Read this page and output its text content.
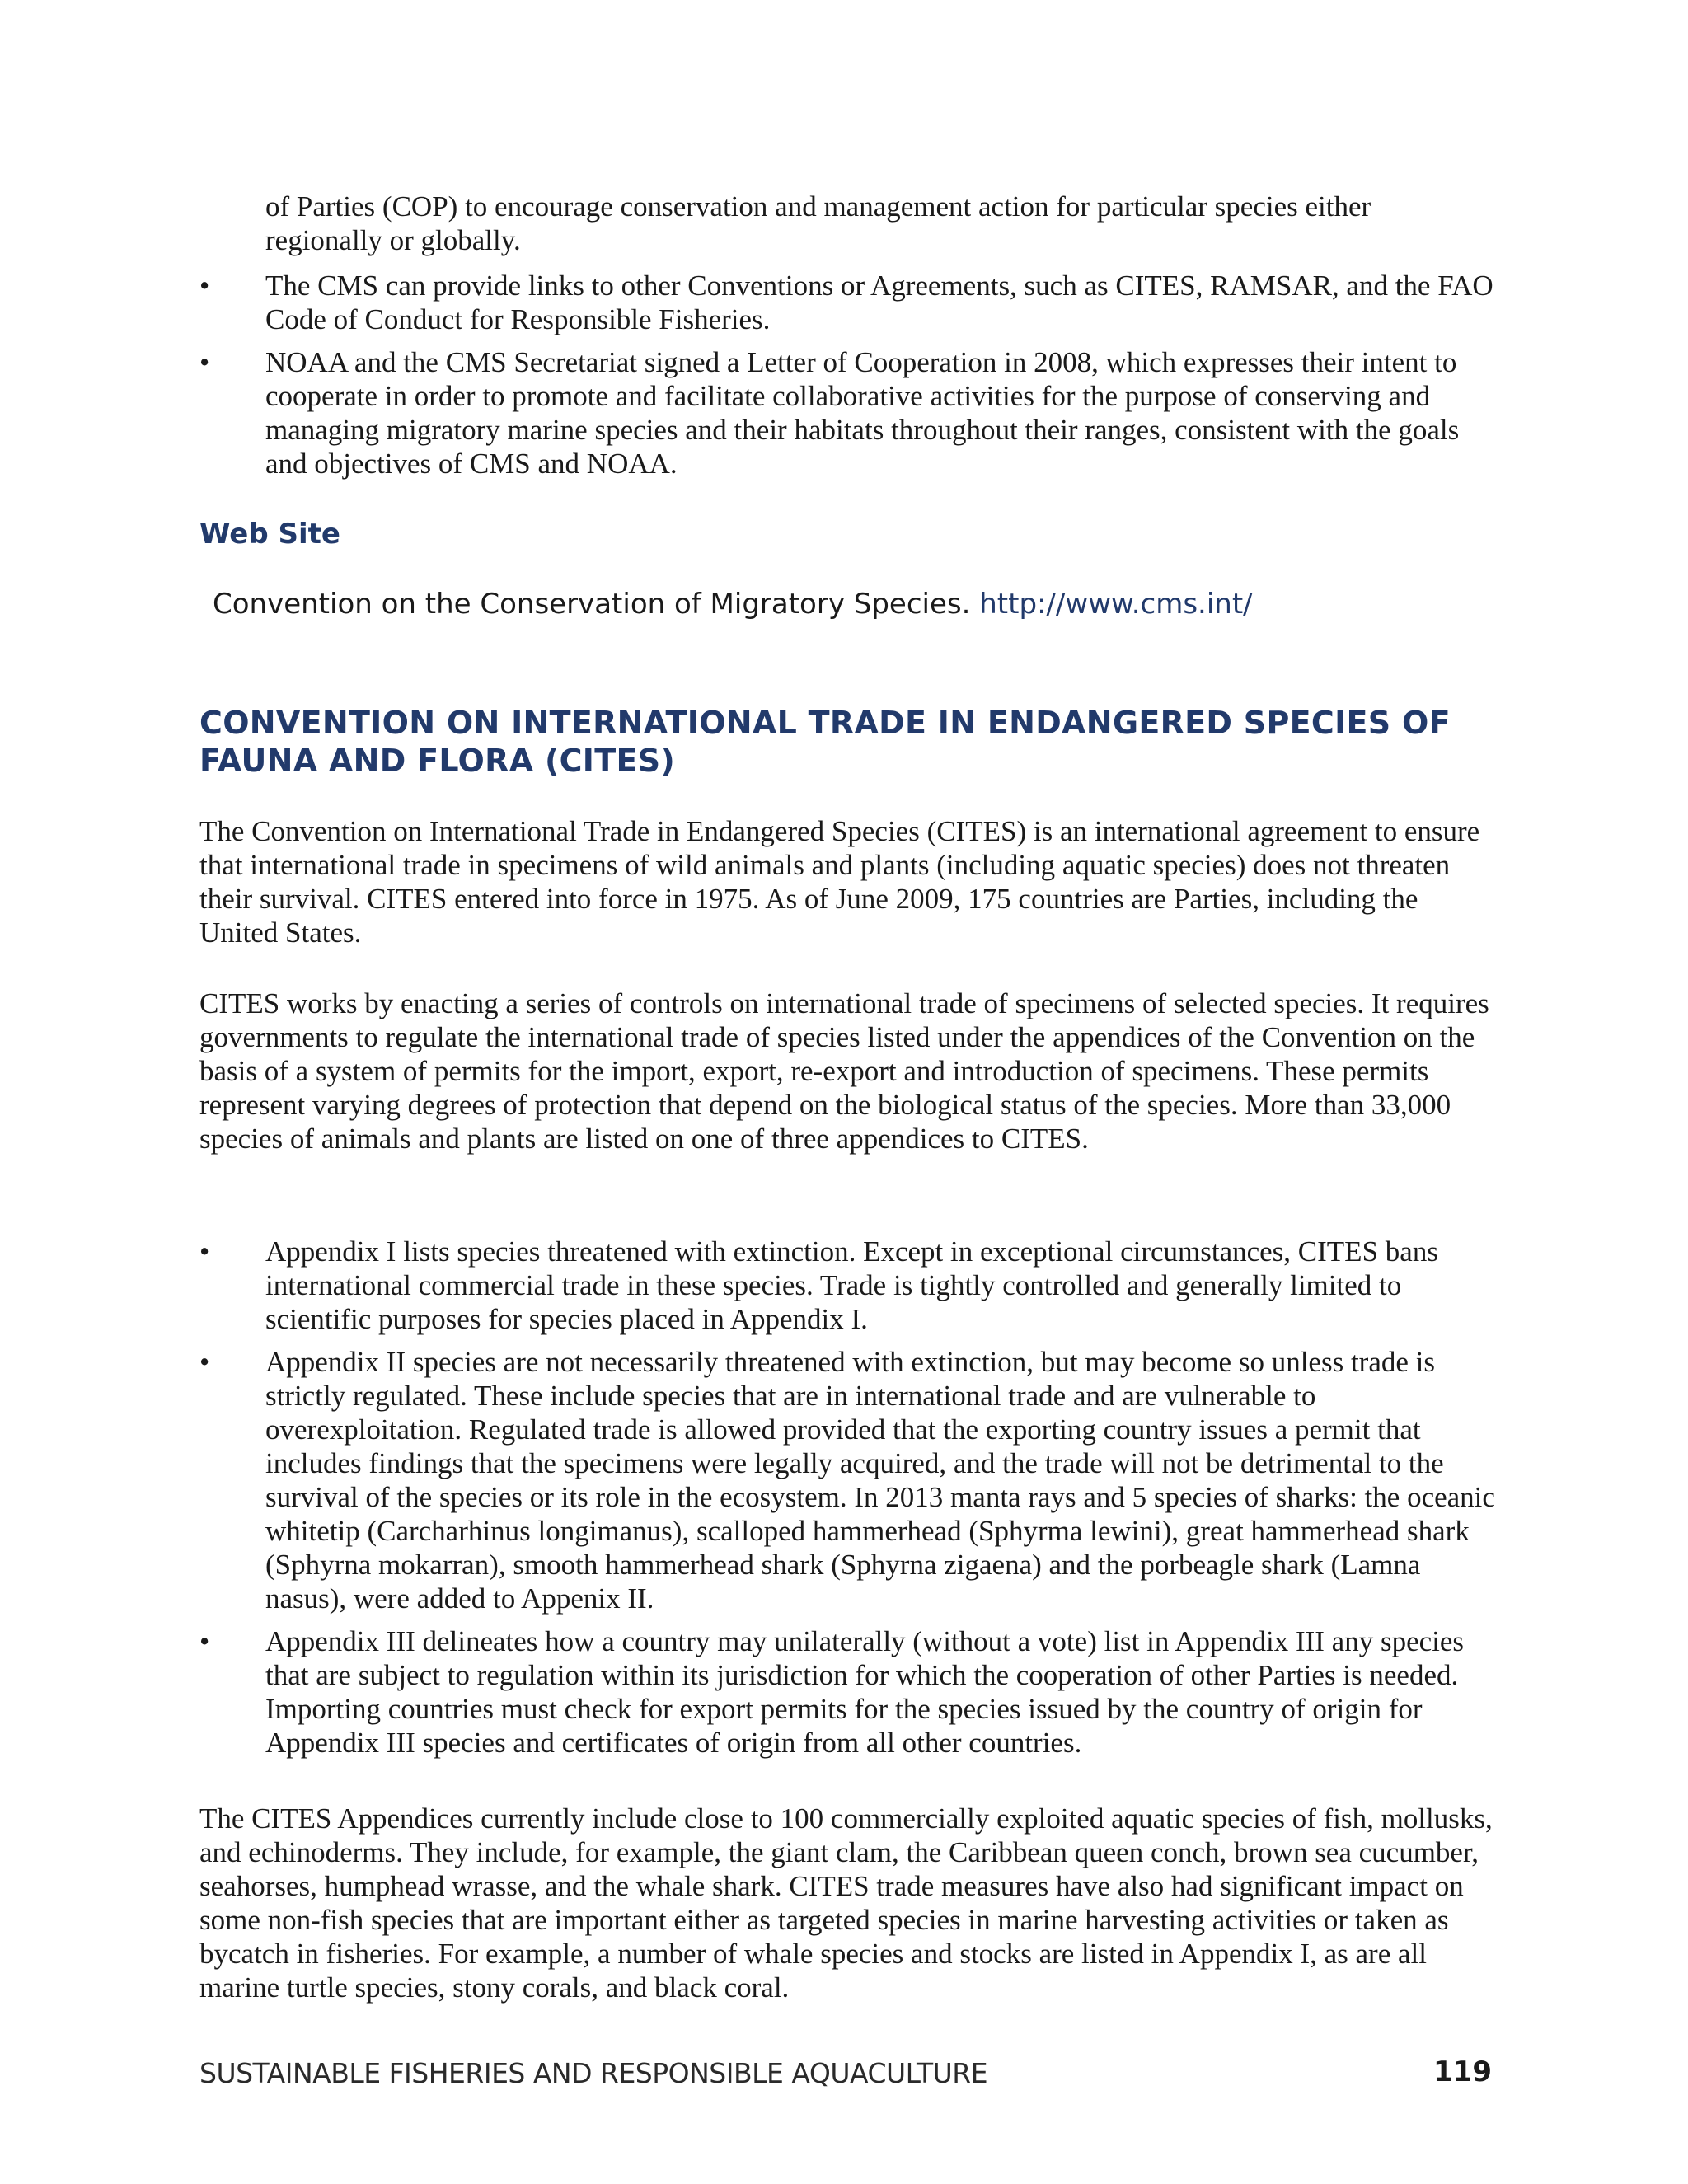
of Parties (COP) to encourage conservation and management action for particular species either regionally or globally.
•	The CMS can provide links to other Conventions or Agreements, such as CITES, RAMSAR, and the FAO Code of Conduct for Responsible Fisheries.
•	NOAA and the CMS Secretariat signed a Letter of Cooperation in 2008, which expresses their intent to cooperate in order to promote and facilitate collaborative activities for the purpose of conserving and managing migratory marine species and their habitats throughout their ranges, consistent with the goals and objectives of CMS and NOAA.
Web Site
Convention on the Conservation of Migratory Species. http://www.cms.int/
CONVENTION ON INTERNATIONAL TRADE IN ENDANGERED SPECIES OF FAUNA AND FLORA (CITES)
The Convention on International Trade in Endangered Species (CITES) is an international agreement to ensure that international trade in specimens of wild animals and plants (including aquatic species) does not threaten their survival. CITES entered into force in 1975. As of June 2009, 175 countries are Parties, including the United States.
CITES works by enacting a series of controls on international trade of specimens of selected species. It requires governments to regulate the international trade of species listed under the appendices of the Convention on the basis of a system of permits for the import, export, re-export and introduction of specimens. These permits represent varying degrees of protection that depend on the biological status of the species. More than 33,000 species of animals and plants are listed on one of three appendices to CITES.
•	Appendix I lists species threatened with extinction. Except in exceptional circumstances, CITES bans international commercial trade in these species. Trade is tightly controlled and generally limited to scientific purposes for species placed in Appendix I.
•	Appendix II species are not necessarily threatened with extinction, but may become so unless trade is strictly regulated. These include species that are in international trade and are vulnerable to overexploitation. Regulated trade is allowed provided that the exporting country issues a permit that includes findings that the specimens were legally acquired, and the trade will not be detrimental to the survival of the species or its role in the ecosystem. In 2013 manta rays and 5 species of sharks: the oceanic whitetip (Carcharhinus longimanus), scalloped hammerhead (Sphyrma lewini), great hammerhead shark (Sphyrna mokarran), smooth hammerhead shark (Sphyrna zigaena) and the porbeagle shark (Lamna nasus), were added to Appenix II.
•	Appendix III delineates how a country may unilaterally (without a vote) list in Appendix III any species that are subject to regulation within its jurisdiction for which the cooperation of other Parties is needed. Importing countries must check for export permits for the species issued by the country of origin for Appendix III species and certificates of origin from all other countries.
The CITES Appendices currently include close to 100 commercially exploited aquatic species of fish, mollusks, and echinoderms. They include, for example, the giant clam, the Caribbean queen conch, brown sea cucumber, seahorses, humphead wrasse, and the whale shark. CITES trade measures have also had significant impact on some non-fish species that are important either as targeted species in marine harvesting activities or taken as bycatch in fisheries. For example, a number of whale species and stocks are listed in Appendix I, as are all marine turtle species, stony corals, and black coral.
SUSTAINABLE FISHERIES AND RESPONSIBLE AQUACULTURE	119
